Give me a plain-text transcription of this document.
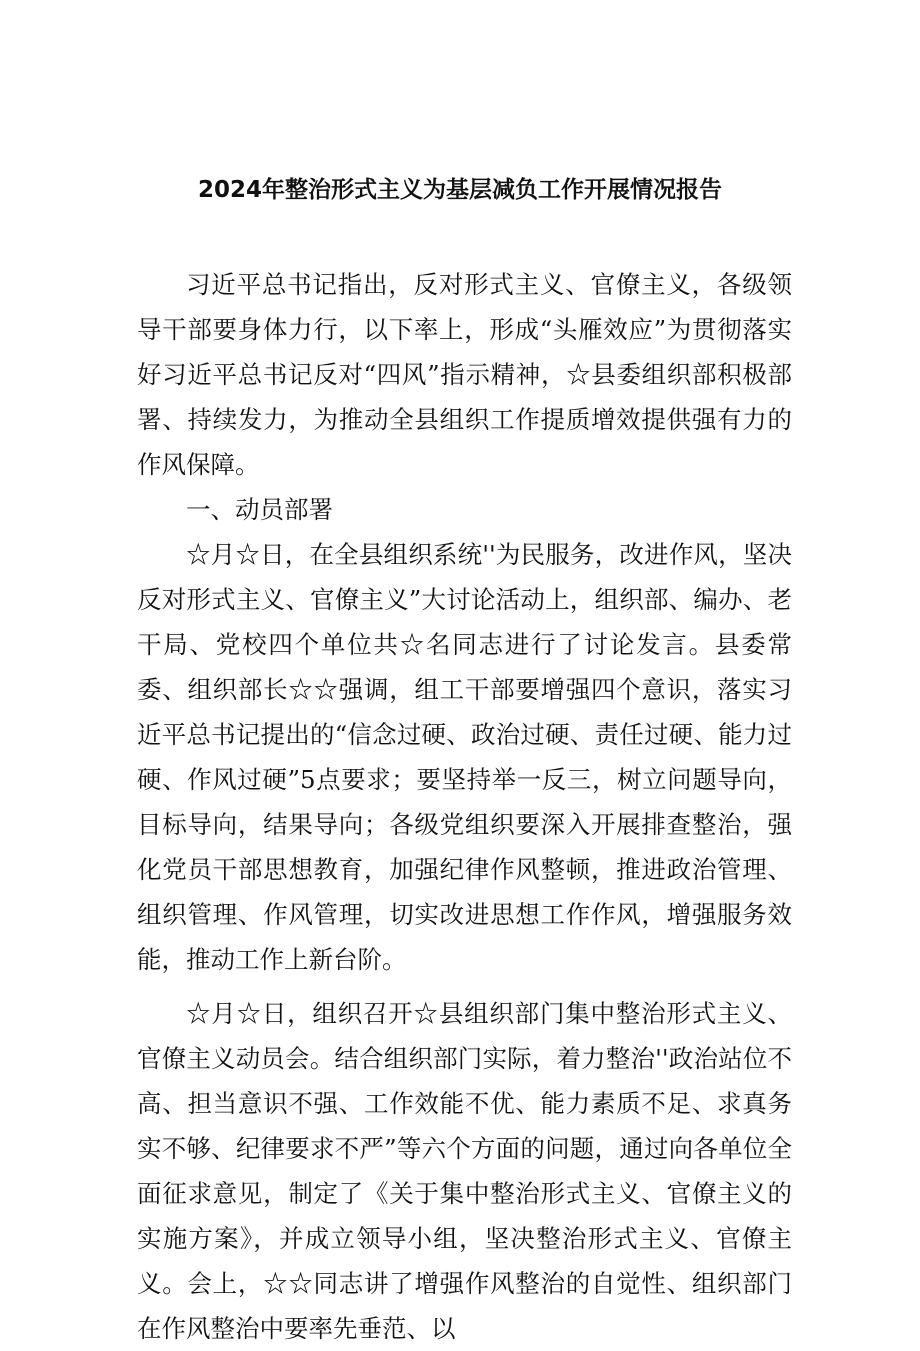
2024年整治形式主义为基层减负工作开展情况报告

习近平总书记指出，反对形式主义、官僚主义，各级领导干部要身体力行，以下率上，形成“头雁效应”为贯彻落实好习近平总书记反对“四风”指示精神，☆县委组织部积极部署、持续发力，为推动全县组织工作提质增效提供强有力的作风保障。

一、动员部署

☆月☆日，在全县组织系统''为民服务，改进作风，坚决反对形式主义、官僚主义”大讨论活动上，组织部、编办、老干局、党校四个单位共☆名同志进行了讨论发言。县委常委、组织部长☆☆强调，组工干部要增强四个意识，落实习近平总书记提出的“信念过硬、政治过硬、责任过硬、能力过硬、作风过硬”5点要求；要坚持举一反三，树立问题导向，目标导向，结果导向；各级党组织要深入开展排查整治，强化党员干部思想教育，加强纪律作风整顿，推进政治管理、组织管理、作风管理，切实改进思想工作作风，增强服务效能，推动工作上新台阶。

☆月☆日，组织召开☆县组织部门集中整治形式主义、官僚主义动员会。结合组织部门实际，着力整治''政治站位不高、担当意识不强、工作效能不优、能力素质不足、求真务实不够、纪律要求不严”等六个方面的问题，通过向各单位全面征求意见，制定了《关于集中整治形式主义、官僚主义的实施方案》，并成立领导小组，坚决整治形式主义、官僚主义。会上，☆☆同志讲了增强作风整治的自觉性、组织部门在作风整治中要率先垂范、以
